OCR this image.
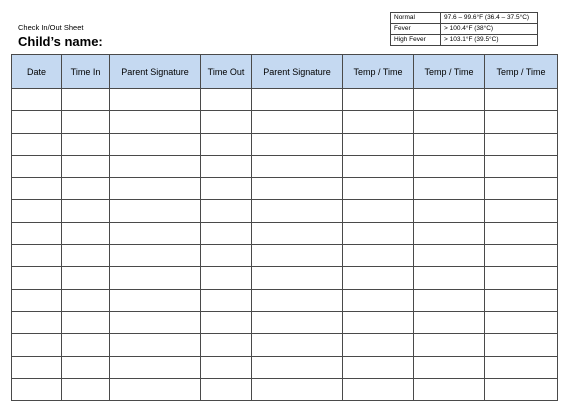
Check In/Out Sheet
Child’s name:
Normal	97.6 – 99.6°F (36.4 – 37.5°C)
Fever	> 100.4°F (38°C)
High Fever	> 103.1°F (39.5°C)
Date	Time In	Parent Signature	Time Out	Parent Signature	Temp / Time	Temp / Time	Temp / Time
